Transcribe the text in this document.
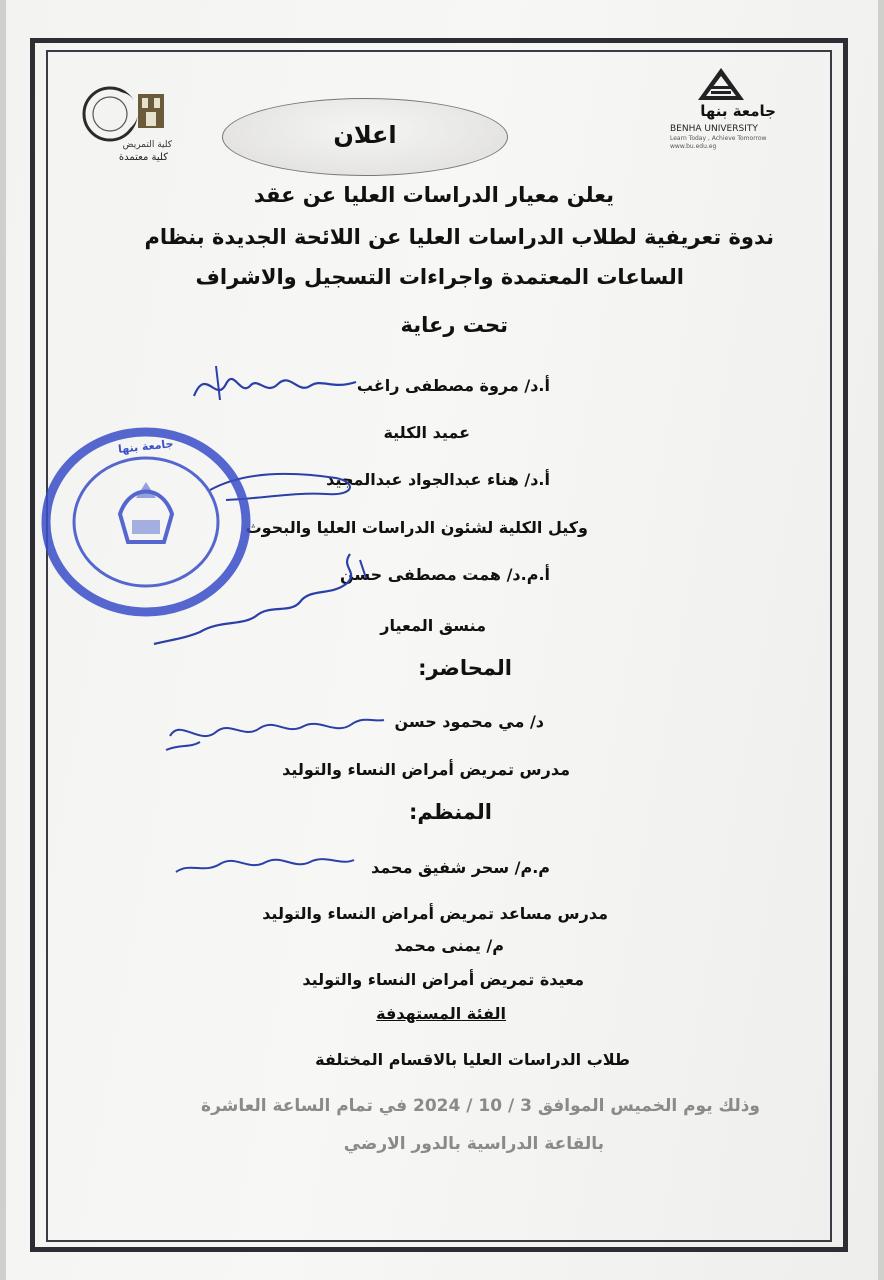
كلية التمريض
كلية معتمدة
جامعة بنها
BENHA UNIVERSITY
Learn Today , Achieve Tomorrow
www.bu.edu.eg
اعلان
يعلن معيار الدراسات العليا عن عقد
ندوة تعريفية لطلاب الدراسات العليا عن اللائحة الجديدة بنظام
الساعات المعتمدة واجراءات التسجيل والاشراف
تحت رعاية
أ.د/ مروة مصطفى راغب
عميد الكلية
أ.د/ هناء عبدالجواد عبدالمجيد
وكيل الكلية لشئون الدراسات العليا والبحوث
أ.م.د/ همت مصطفى حسن
منسق المعيار
جامعة بنها
المحاضر:
د/ مي محمود حسن
مدرس تمريض أمراض النساء والتوليد
المنظم:
م.م/ سحر شفيق محمد
مدرس مساعد تمريض أمراض النساء والتوليد
م/ يمنى محمد
معيدة تمريض أمراض النساء والتوليد
الفئة المستهدفة
طلاب الدراسات العليا بالاقسام المختلفة
وذلك يوم الخميس الموافق 3 / 10 / 2024 في تمام الساعة العاشرة
بالقاعة الدراسية بالدور الارضي
